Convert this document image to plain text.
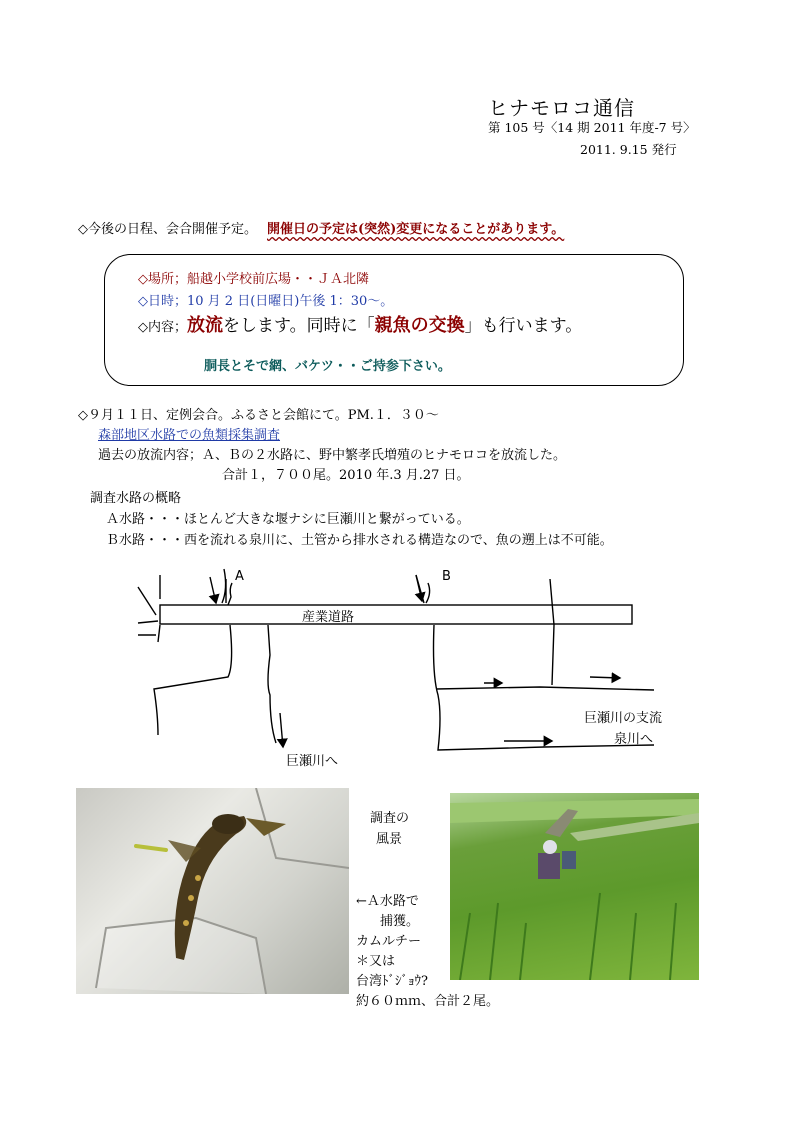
ヒナモロコ通信
第 105 号〈14 期 2011 年度-7 号〉
2011. 9.15 発行
◇今後の日程、会合開催予定。 開催日の予定は(突然)変更になることがあります。
◇場所；船越小学校前広場・・ＪＡ北隣
◇日時；10 月 2 日(日曜日)午後 1：30～。
◇内容；放流をします。同時に「親魚の交換」も行います。
胴長とそで網、バケツ・・ご持参下さい。
◇９月１１日、定例会合。ふるさと会館にて。PM.１．３０～
森部地区水路での魚類採集調査
過去の放流内容；Ａ、Ｂの２水路に、野中繁孝氏増殖のヒナモロコを放流した。
合計１，７００尾。2010 年.3 月.27 日。
調査水路の概略
Ａ水路・・・ほとんど大きな堰ナシに巨瀬川と繋がっている。
Ｂ水路・・・西を流れる泉川に、土管から排水される構造なので、魚の遡上は不可能。
A	B
産業道路
巨瀬川へ
巨瀬川の支流
泉川へ
調査の
風景
←Ａ水路で
捕獲。
カムルチー
＊又は
台湾ﾄﾞｼﾞｮｳ?
約６０ｍｍ、合計２尾。
